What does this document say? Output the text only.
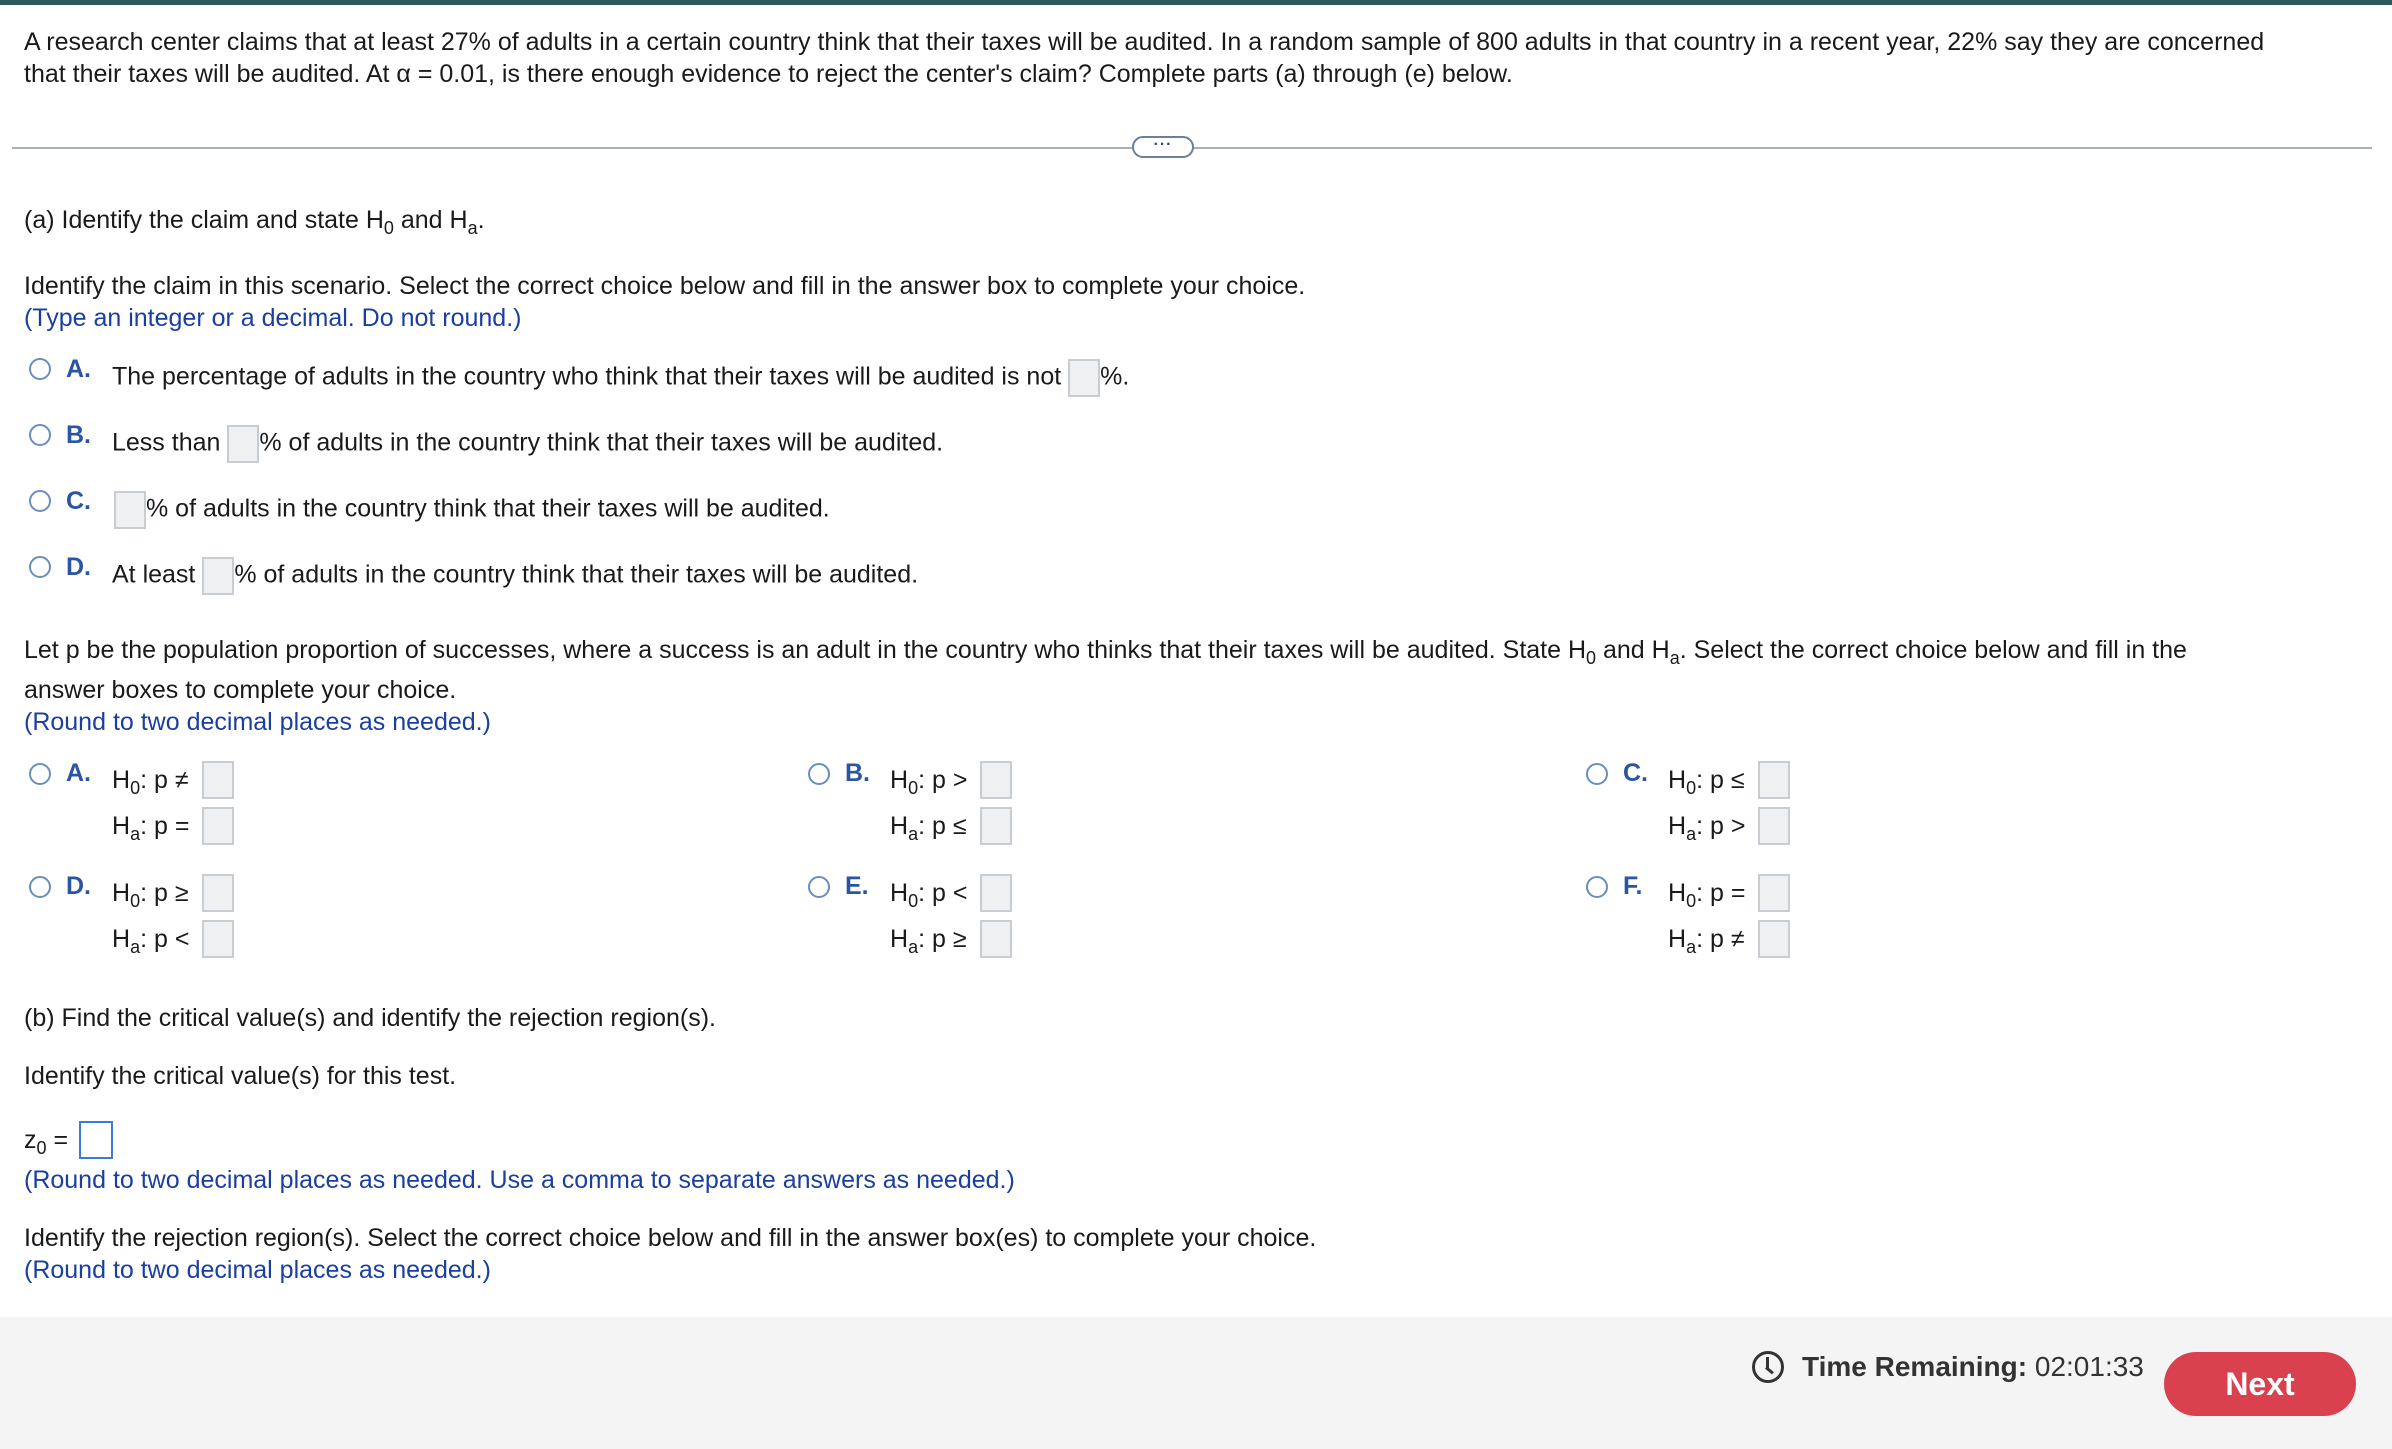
A research center claims that at least 27% of adults in a certain country think that their taxes will be audited. In a random sample of 800 adults in that country in a recent year, 22% say they are concerned
that their taxes will be audited. At α = 0.01, is there enough evidence to reject the center's claim? Complete parts (a) through (e) below.
···
(a) Identify the claim and state $H_0$ and $H_a$.
Identify the claim in this scenario. Select the correct choice below and fill in the answer box to complete your choice.
(Type an integer or a decimal. Do not round.)
A. The percentage of adults in the country who think that their taxes will be audited is not %.
B. Less than % of adults in the country think that their taxes will be audited.
C.	% of adults in the country think that their taxes will be audited.
D. At least % of adults in the country think that their taxes will be audited.
Let p be the population proportion of successes, where a success is an adult in the country who thinks that their taxes will be audited. State $H_0$ and $H_a$. Select the correct choice below and fill in the
answer boxes to complete your choice.
(Round to two decimal places as needed.)
A. $H_0$: p ≠
$H_a$: p =
B. $H_0$: p >
$H_a$: p ≤
C. $H_0$: p ≤
$H_a$: p >
D. $H_0$: p ≥
$H_a$: p <
E. $H_0$: p <
$H_a$: p ≥
F. $H_0$: p =
$H_a$: p ≠
(b) Find the critical value(s) and identify the rejection region(s).
Identify the critical value(s) for this test.
$z_0$ =
(Round to two decimal places as needed. Use a comma to separate answers as needed.)
Identify the rejection region(s). Select the correct choice below and fill in the answer box(es) to complete your choice.
(Round to two decimal places as needed.)
Time Remaining: 02:01:33	Next
